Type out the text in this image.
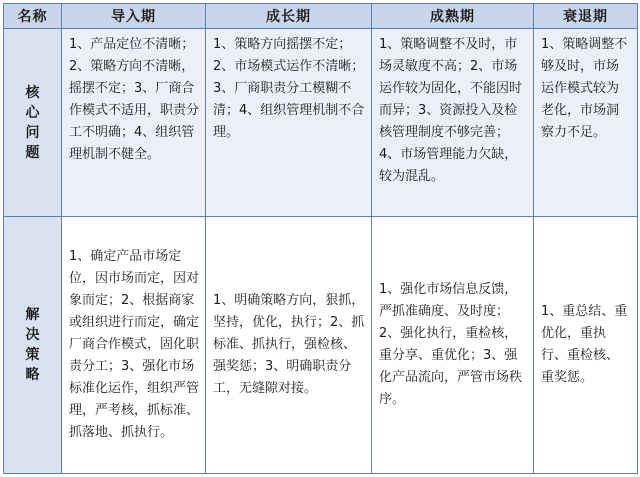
名称	导入期	成长期	成熟期	衰退期

核心问题	1、产品定位不清晰；2、策略方向不清晰，摇摆不定；3、厂商合作模式不适用，职责分工不明确；4、组织管理机制不健全。	1、策略方向摇摆不定；2、市场模式运作不清晰；3、厂商职责分工模糊不清；4、组织管理机制不合理。	1、策略调整不及时，市场灵敏度不高；2、市场运作较为固化，不能因时而异；3、资源投入及检核管理制度不够完善；4、市场管理能力欠缺，较为混乱。	1、策略调整不够及时，市场运作模式较为老化，市场洞察力不足。

解决策略	1、确定产品市场定位，因市场而定，因对象而定；2、根据商家或组织进行而定，确定厂商合作模式，固化职责分工；3、强化市场标准化运作，组织严管理，严考核，抓标准、抓落地、抓执行。	1、明确策略方向，狠抓，坚持，优化，执行；2、抓标准、抓执行，强检核、强奖惩；3、明确职责分工，无缝隙对接。	1、强化市场信息反馈，严抓准确度、及时度；2、强化执行，重检核，重分享、重优化；3、强化产品流向，严管市场秩序。	1、重总结、重优化，重执行、重检核、重奖惩。
